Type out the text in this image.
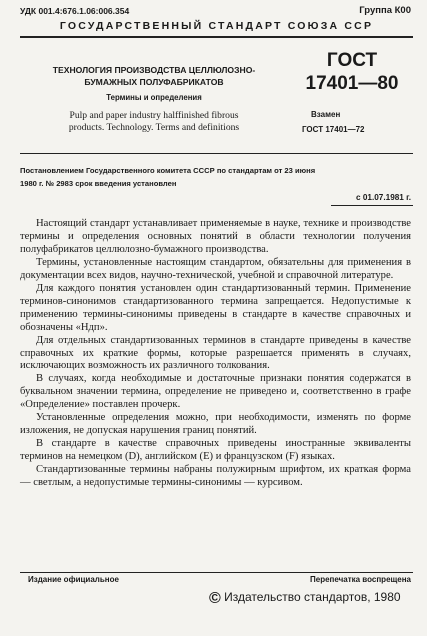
УДК 001.4:676.1.06:006.354	Группа К00
ГОСУДАРСТВЕННЫЙ СТАНДАРТ СОЮЗА ССР
ТЕХНОЛОГИЯ ПРОИЗВОДСТВА ЦЕЛЛЮЛОЗНО-
БУМАЖНЫХ ПОЛУФАБРИКАТОВ
Термины и определения
Pulp and paper industry halffinished fibrous
products. Technology. Terms and definitions
ГОСТ
17401—80
Взамен
ГОСТ 17401—72
Постановлением Государственного комитета СССР по стандартам от 23 июня
1980 г. № 2983 срок введения установлен
с 01.07.1981 г.

Настоящий стандарт устанавливает применяемые в науке, технике и производстве термины и определения основных понятий в области технологии получения полуфабрикатов целлюлозно-бумажного производства.

Термины, установленные настоящим стандартом, обязательны для применения в документации всех видов, научно-технической, учебной и справочной литературе.

Для каждого понятия установлен один стандартизованный термин. Применение терминов-синонимов стандартизованного термина запрещается. Недопустимые к применению термины-синонимы приведены в стандарте в качестве справочных и обозначены «Ндп».

Для отдельных стандартизованных терминов в стандарте приведены в качестве справочных их краткие формы, которые разрешается применять в случаях, исключающих возможность их различного толкования.

В случаях, когда необходимые и достаточные признаки понятия содержатся в буквальном значении термина, определение не приведено и, соответственно в графе «Определение» поставлен прочерк.

Установленные определения можно, при необходимости, изменять по форме изложения, не допуская нарушения границ понятий.

В стандарте в качестве справочных приведены иностранные эквиваленты терминов на немецком (D), английском (E) и французском (F) языках.

Стандартизованные термины набраны полужирным шрифтом, их краткая форма — светлым, а недопустимые термины-синонимы — курсивом.

Издание официальное	Перепечатка воспрещена
© Издательство стандартов, 1980
